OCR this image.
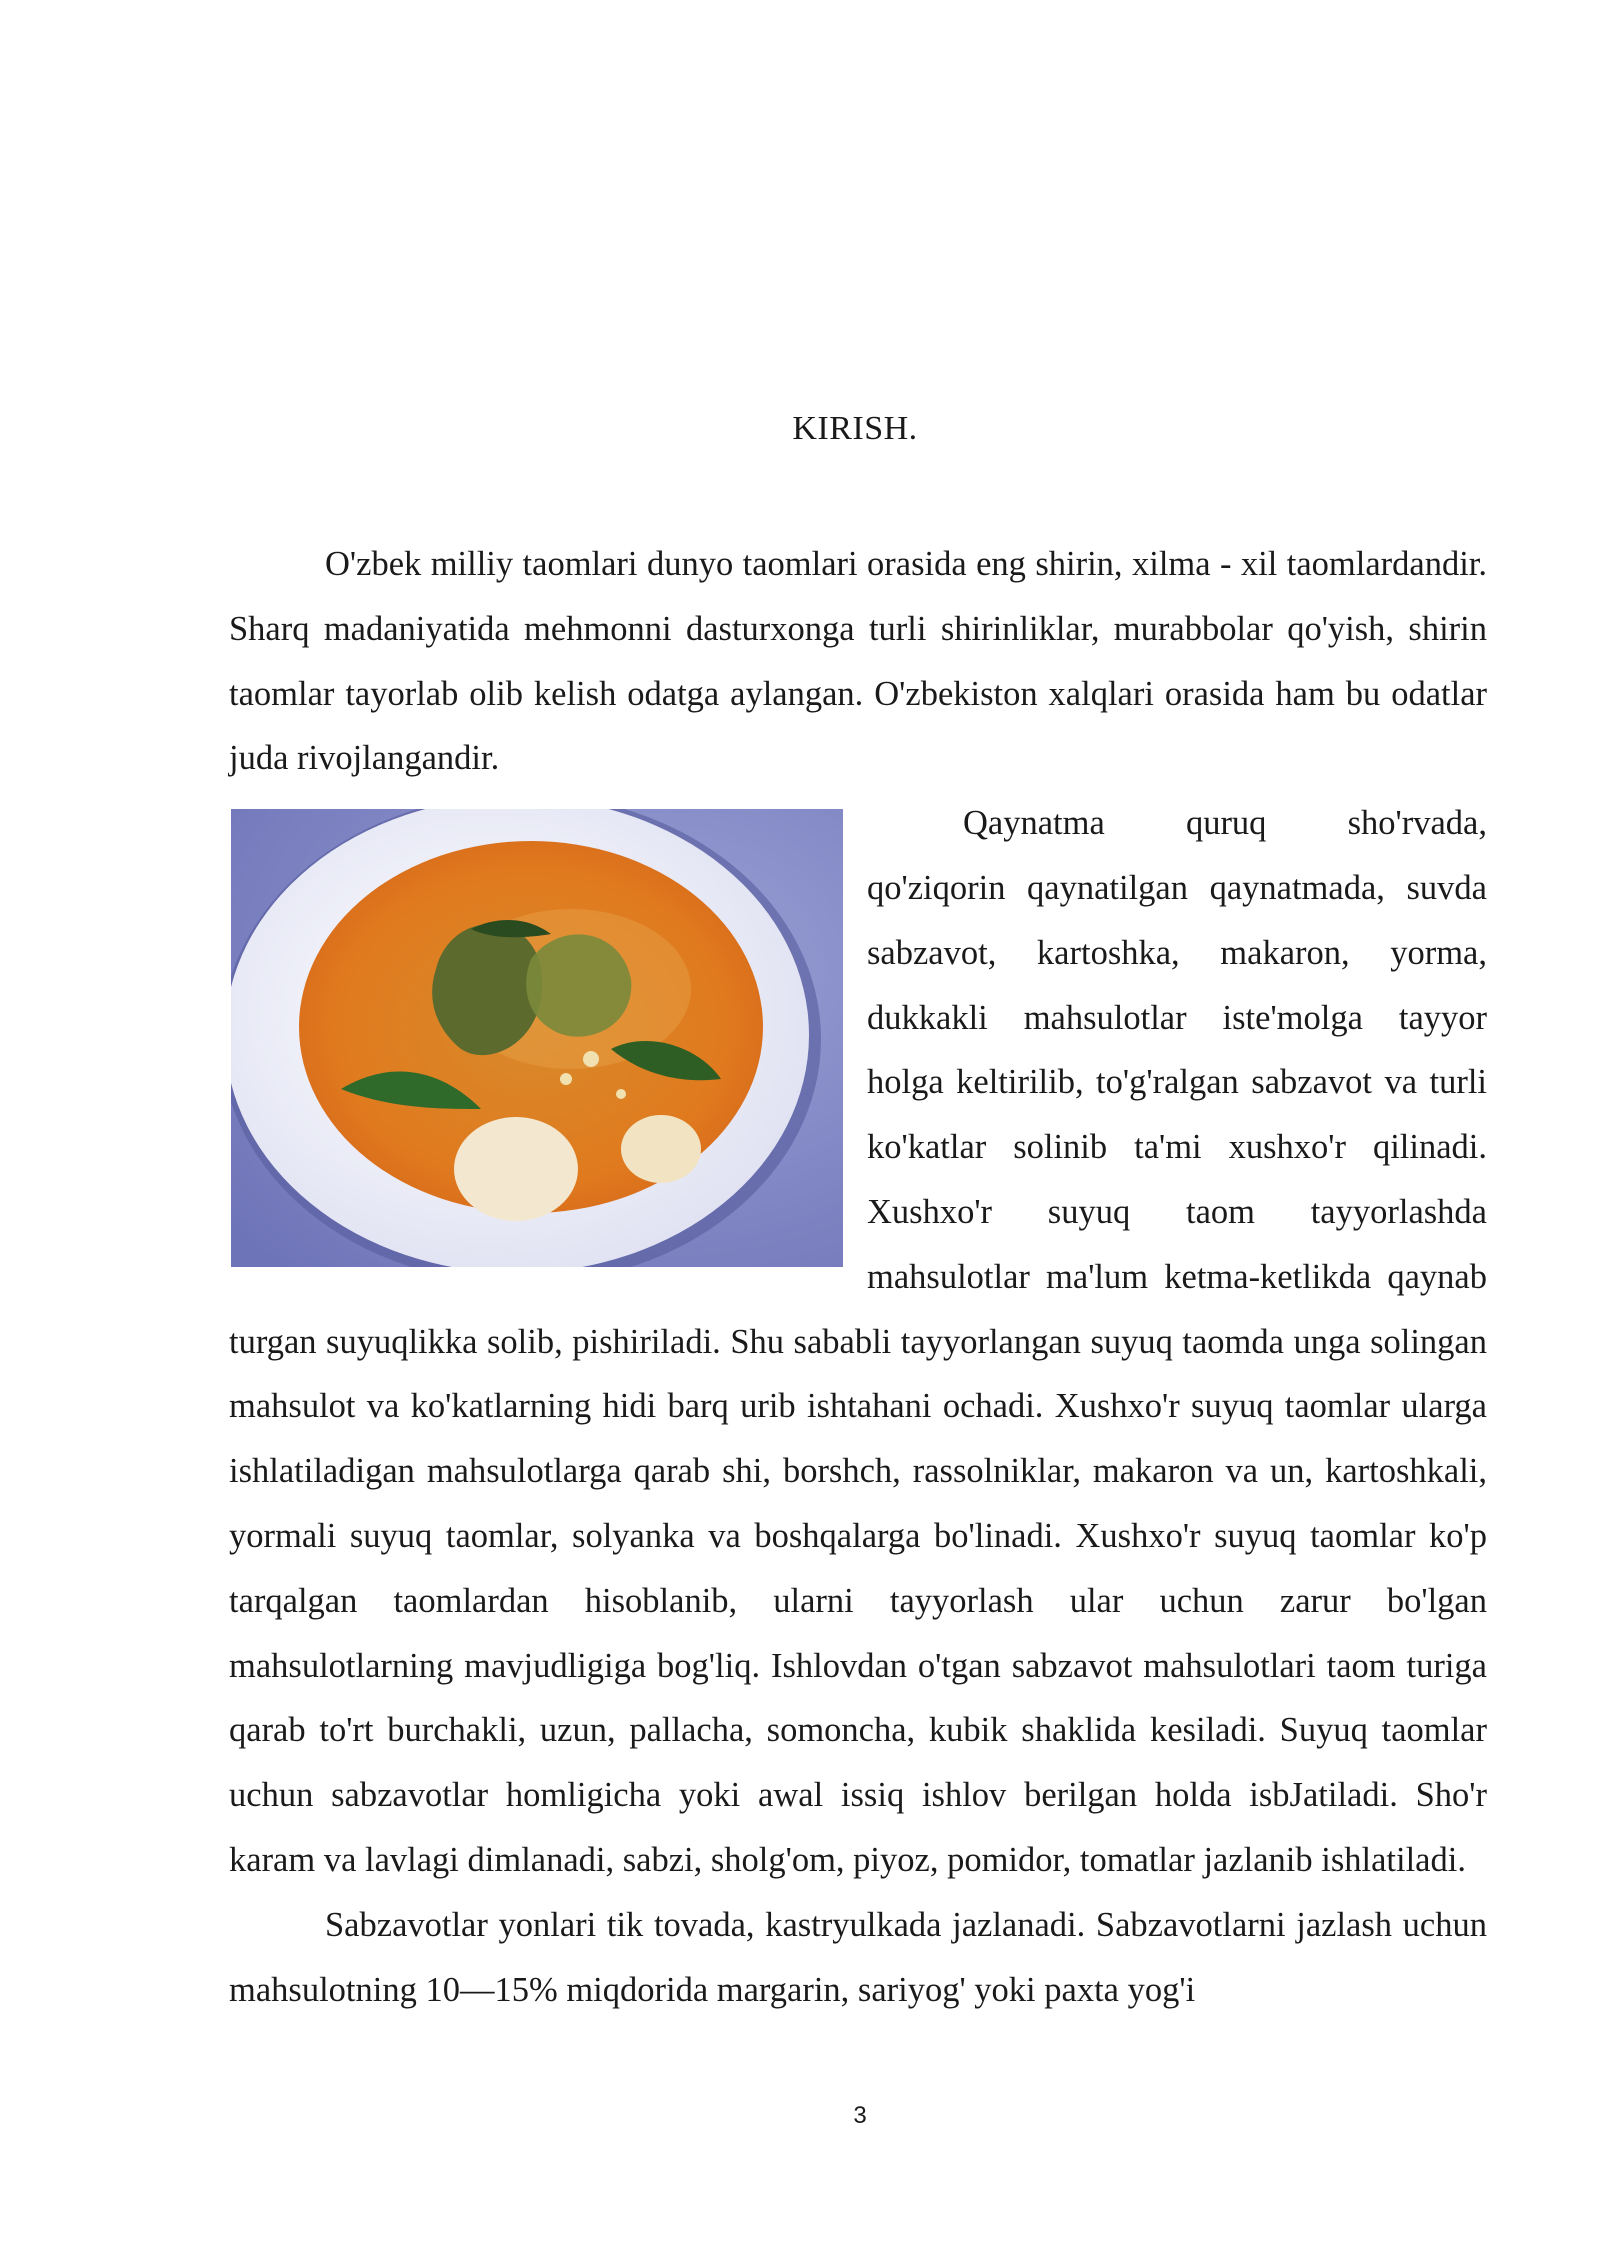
KIRISH.

O'zbek milliy taomlari dunyo taomlari orasida eng shirin, xilma - xil taomlardandir. Sharq madaniyatida mehmonni dasturxonga turli shirinliklar, murabbolar qo'yish, shirin taomlar tayorlab olib kelish odatga aylangan. O'zbekiston xalqlari orasida ham bu odatlar juda rivojlangandir.

Qaynatma quruq sho'rvada, qo'ziqorin qaynatilgan qaynatmada, suvda sabzavot, kartoshka, makaron, yorma, dukkakli mahsulotlar iste'molga tayyor holga keltirilib, to'g'ralgan sabzavot va turli ko'katlar solinib ta'mi xushxo'r qilinadi. Xushxo'r suyuq taom tayyorlashda mahsulotlar ma'lum ketma-ketlikda qaynab turgan suyuqlikka solib, pishiriladi. Shu sababli tayyorlangan suyuq taomda unga solingan mahsulot va ko'katlarning hidi barq urib ishtahani ochadi. Xushxo'r suyuq taomlar ularga ishlatiladigan mahsulotlarga qarab shi, borshch, rassolniklar, makaron va un, kartoshkali, yormali suyuq taomlar, solyanka va boshqalarga bo'linadi. Xushxo'r suyuq taomlar ko'p tarqalgan taomlardan hisoblanib, ularni tayyorlash ular uchun zarur bo'lgan mahsulotlarning mavjudligiga bog'liq. Ishlovdan o'tgan sabzavot mahsulotlari taom turiga qarab to'rt burchakli, uzun, pallacha, somoncha, kubik shaklida kesiladi. Suyuq taomlar uchun sabzavotlar homligicha yoki awal issiq ishlov berilgan holda isbJatiladi. Sho'r karam va lavlagi dimlanadi, sabzi, sholg'om, piyoz, pomidor, tomatlar jazlanib ishlatiladi.

Sabzavotlar yonlari tik tovada, kastryulkada jazlanadi. Sabzavotlarni jazlash uchun mahsulotning 10—15% miqdorida margarin, sariyog' yoki paxta yog'i

3
